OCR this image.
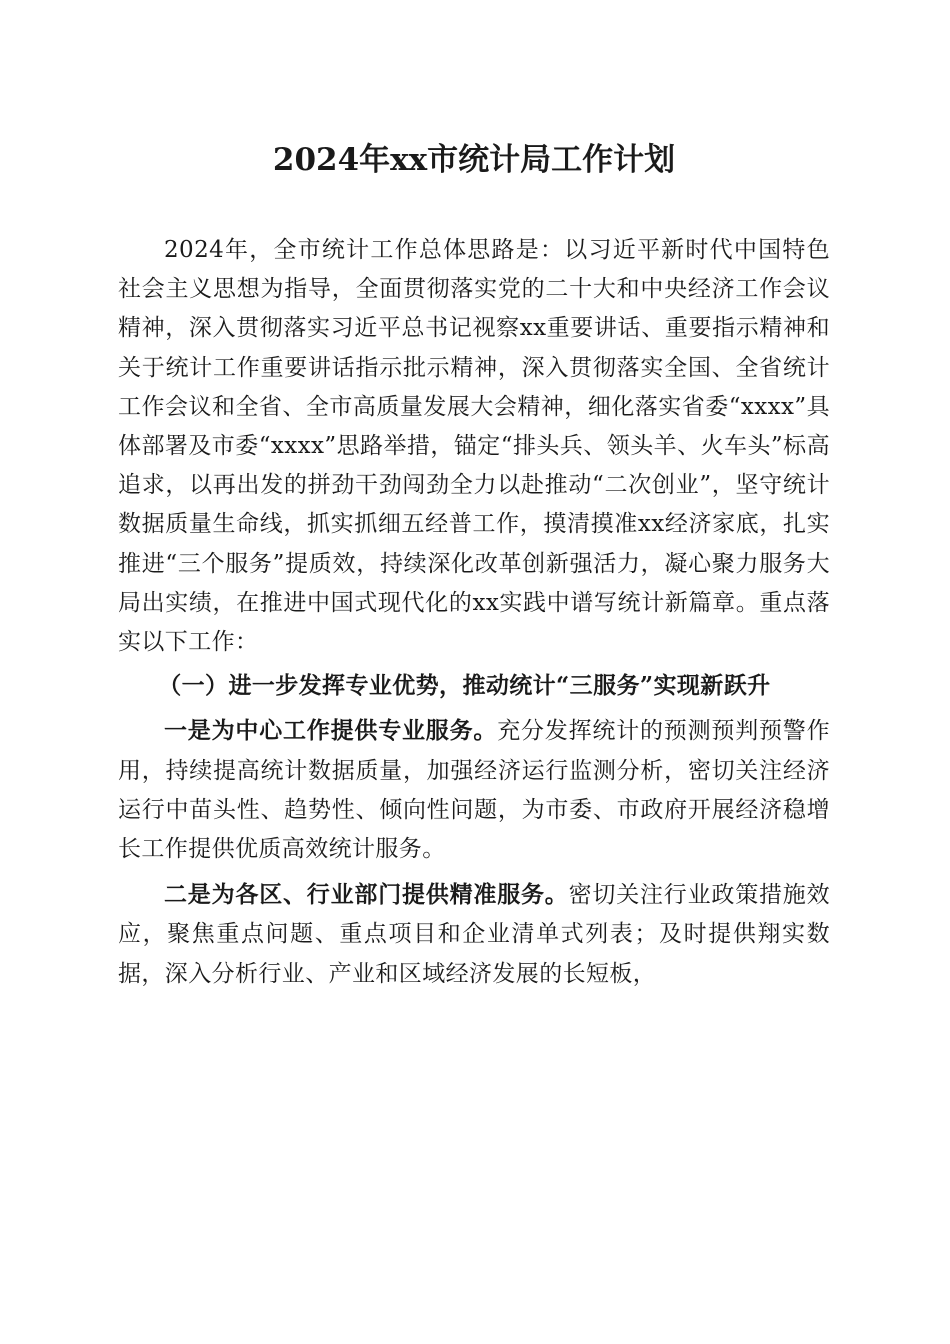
2024年xx市统计局工作计划

2024年，全市统计工作总体思路是：以习近平新时代中国特色社会主义思想为指导，全面贯彻落实党的二十大和中央经济工作会议精神，深入贯彻落实习近平总书记视察xx重要讲话、重要指示精神和关于统计工作重要讲话指示批示精神，深入贯彻落实全国、全省统计工作会议和全省、全市高质量发展大会精神，细化落实省委“xxxx”具体部署及市委“xxxx”思路举措，锚定“排头兵、领头羊、火车头”标高追求，以再出发的拼劲干劲闯劲全力以赴推动“二次创业”，坚守统计数据质量生命线，抓实抓细五经普工作，摸清摸准xx经济家底，扎实推进“三个服务”提质效，持续深化改革创新强活力，凝心聚力服务大局出实绩，在推进中国式现代化的xx实践中谱写统计新篇章。重点落实以下工作：

（一）进一步发挥专业优势，推动统计“三服务”实现新跃升

一是为中心工作提供专业服务。充分发挥统计的预测预判预警作用，持续提高统计数据质量，加强经济运行监测分析，密切关注经济运行中苗头性、趋势性、倾向性问题，为市委、市政府开展经济稳增长工作提供优质高效统计服务。

二是为各区、行业部门提供精准服务。密切关注行业政策措施效应，聚焦重点问题、重点项目和企业清单式列表；及时提供翔实数据，深入分析行业、产业和区域经济发展的长短板，
